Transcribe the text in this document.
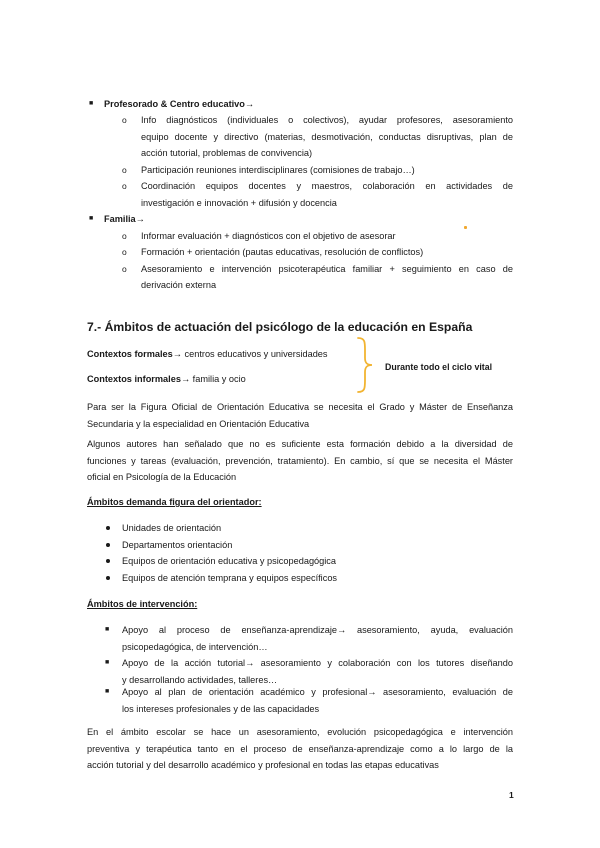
■ Profesorado & Centro educativo→
o Info diagnósticos (individuales o colectivos), ayudar profesores, asesoramiento
equipo docente y directivo (materias, desmotivación, conductas disruptivas, plan de
acción tutorial, problemas de convivencia)
o Participación reuniones interdisciplinares (comisiones de trabajo…)
o Coordinación equipos docentes y maestros, colaboración en actividades de
investigación e innovación + difusión y docencia
■ Familia→
o Informar evaluación + diagnósticos con el objetivo de asesorar
o Formación + orientación (pautas educativas, resolución de conflictos)
o Asesoramiento e intervención psicoterapéutica familiar + seguimiento en caso de
derivación externa
7.- Ámbitos de actuación del psicólogo de la educación en España
Contextos formales→ centros educativos y universidades
Contextos informales→ familia y ocio
Durante todo el ciclo vital
Para ser la Figura Oficial de Orientación Educativa se necesita el Grado y Máster de Enseñanza
Secundaria y la especialidad en Orientación Educativa
Algunos autores han señalado que no es suficiente esta formación debido a la diversidad de
funciones y tareas (evaluación, prevención, tratamiento). En cambio, sí que se necesita el Máster
oficial en Psicología de la Educación
Ámbitos demanda figura del orientador:
Unidades de orientación
Departamentos orientación
Equipos de orientación educativa y psicopedagógica
Equipos de atención temprana y equipos específicos
Ámbitos de intervención:
■ Apoyo al proceso de enseñanza-aprendizaje→ asesoramiento, ayuda, evaluación
psicopedagógica, de intervención…
■ Apoyo de la acción tutorial→ asesoramiento y colaboración con los tutores diseñando
y desarrollando actividades, talleres…
■ Apoyo al plan de orientación académico y profesional→ asesoramiento, evaluación de
los intereses profesionales y de las capacidades
En el ámbito escolar se hace un asesoramiento, evolución psicopedagógica e intervención
preventiva y terapéutica tanto en el proceso de enseñanza-aprendizaje como a lo largo de la
acción tutorial y del desarrollo académico y profesional en todas las etapas educativas
1
